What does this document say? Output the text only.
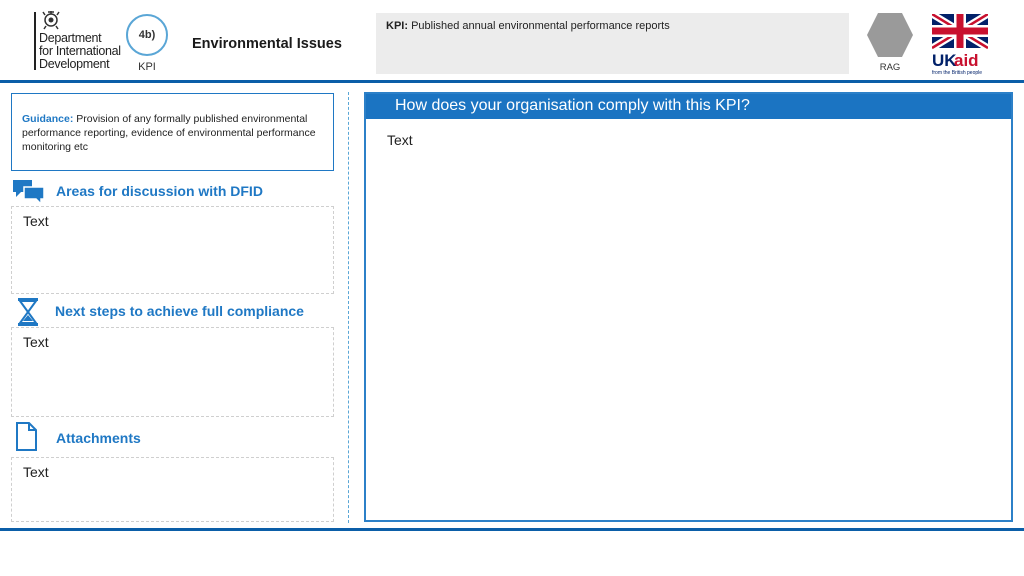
Department
for International
Development
4b)
KPI
Environmental Issues
KPI: Published annual environmental performance reports
RAG	UK
aid
from the British people
Guidance: Provision of any formally published environmental performance reporting, evidence of environmental performance monitoring etc
Areas for discussion with DFID
Text
Next steps to achieve full compliance
Text
Attachments
Text
How does your organisation comply with this KPI?
Text
